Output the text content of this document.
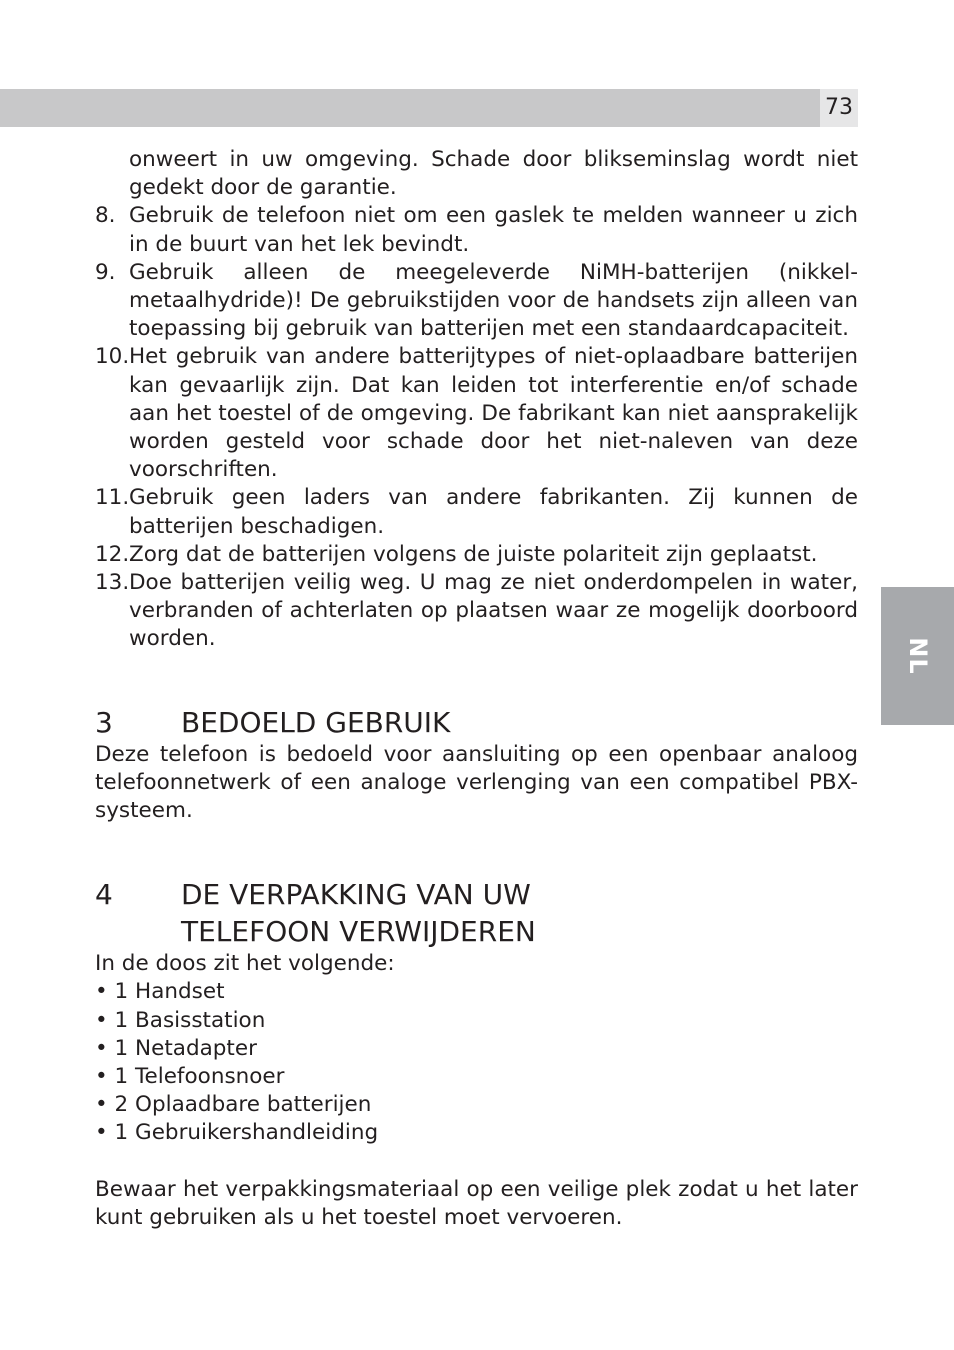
73
NL
onweert in uw omgeving. Schade door blikseminslag wordt niet gedekt door de garantie.
8. Gebruik de telefoon niet om een gaslek te melden wanneer u zich in de buurt van het lek bevindt.
9. Gebruik alleen de meegeleverde NiMH-batterijen (nikkel-metaalhydride)! De gebruikstijden voor de handsets zijn alleen van toepassing bij gebruik van batterijen met een standaardcapaciteit.
10. Het gebruik van andere batterijtypes of niet-oplaadbare batterijen kan gevaarlijk zijn. Dat kan leiden tot interferentie en/of schade aan het toestel of de omgeving. De fabrikant kan niet aansprakelijk worden gesteld voor schade door het niet-naleven van deze voorschriften.
11. Gebruik geen laders van andere fabrikanten. Zij kunnen de batterijen beschadigen.
12. Zorg dat de batterijen volgens de juiste polariteit zijn geplaatst.
13. Doe batterijen veilig weg. U mag ze niet onderdompelen in water, verbranden of achterlaten op plaatsen waar ze mogelijk doorboord worden.
3	BEDOELD GEBRUIK

Deze telefoon is bedoeld voor aansluiting op een openbaar analoog telefoonnetwerk of een analoge verlenging van een compatibel PBX-systeem.

4	DE VERPAKKING VAN UW
TELEFOON VERWIJDEREN

In de doos zit het volgende:

• 1 Handset
• 1 Basisstation
• 1 Netadapter
• 1 Telefoonsnoer
• 2 Oplaadbare batterijen
• 1 Gebruikershandleiding

Bewaar het verpakkingsmateriaal op een veilige plek zodat u het later kunt gebruiken als u het toestel moet vervoeren.
